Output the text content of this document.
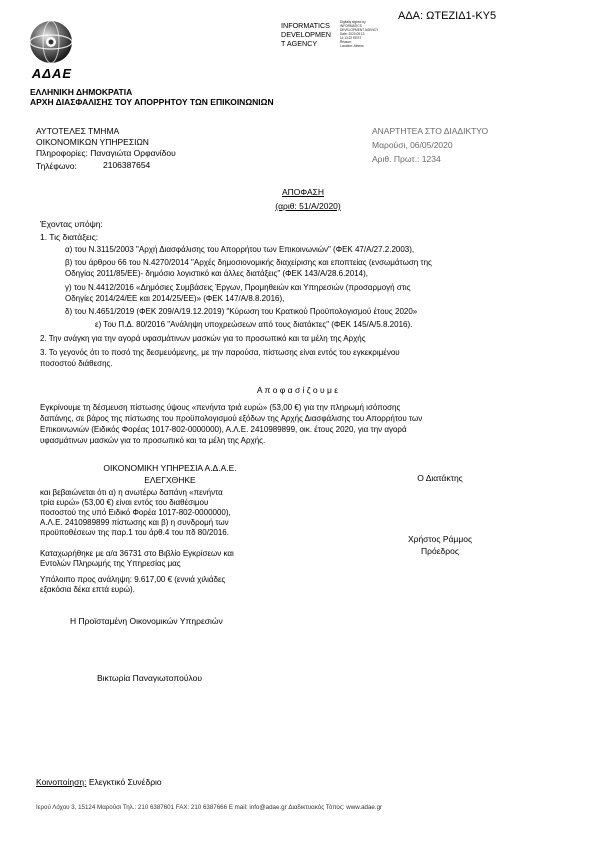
ΑΔΑ: ΩΤΕΖΙΔ1-ΚΥ5
ΑΔΑΕ
INFORMATICS
DEVELOPMEN
T AGENCY
Digitally signed by
INFORMATICS
DEVELOPMENT AGENCY
Date: 2020.05.13
11:13:22 EEST
Reason:
Location: Athens
ΕΛΛΗΝΙΚΗ ΔΗΜΟΚΡΑΤΙΑ
ΑΡΧΗ ΔΙΑΣΦΑΛΙΣΗΣ ΤΟΥ ΑΠΟΡΡΗΤΟΥ ΤΩΝ ΕΠΙΚΟΙΝΩΝΙΩΝ
ΑΥΤΟΤΕΛΕΣ ΤΜΗΜΑ
ΟΙΚΟΝΟΜΙΚΩΝ ΥΠΗΡΕΣΙΩΝ
Πληροφορίες: Παναγιώτα Ορφανίδου
Τηλέφωνο:	2106387654
ΑΝΑΡΤΗΤΕΑ ΣΤΟ ΔΙΑΔΙΚΤΥΟ
Μαρούσι, 06/05/2020
Αριθ. Πρωτ.: 1234
ΑΠΟΦΑΣΗ
(αριθ: 51/Α/2020)
Έχοντας υπόψη:
1. Τις διατάξεις:
α) του Ν.3115/2003 "Αρχή Διασφάλισης του Απορρήτου των Επικοινωνιών" (ΦΕΚ 47/Α/27.2.2003),
β) του άρθρου 66 του Ν.4270/2014 "Αρχές δημοσιονομικής διαχείρισης και εποπτείας (ενσωμάτωση της
Οδηγίας 2011/85/ΕΕ)- δημόσιο λογιστικό και άλλες διατάξεις" (ΦΕΚ 143/Α/28.6.2014),
γ) του Ν.4412/2016 «Δημόσιες Συμβάσεις Έργων, Προμηθειών και Υπηρεσιών (προσαρμογή στις
Οδηγίες 2014/24/ΕΕ και 2014/25/ΕΕ)» (ΦΕΚ 147/Α/8.8.2016),
δ) του Ν.4651/2019 (ΦΕΚ 209/Α/19.12.2019) "Κύρωση του Κρατικού Προϋπολογισμού έτους 2020»
ε) Του Π.Δ. 80/2016 "Ανάληψη υποχρεώσεων από τους διατάκτες" (ΦΕΚ 145/Α/5.8.2016).
2. Την ανάγκη για την αγορά υφασμάτινων μασκών για το προσωπικό και τα μέλη της Αρχής
3. Το γεγονός ότι το ποσό της δεσμευόμενης, με την παρούσα, πίστωσης είναι εντός του εγκεκριμένου
ποσοστού διάθεσης.
Α π ο φ α σ ί ζ ο υ μ ε
Εγκρίνουμε τη δέσμευση πίστωσης ύψους «πενήντα τριά ευρώ» (53,00 €) για την πληρωμή ισόποσης
δαπάνης, σε βάρος της πίστωσης του προϋπολογισμού εξόδων της Αρχής Διασφάλισης του Απορρήτου των
Επικοινωνιών (Ειδικός Φορέας 1017-802-0000000), Α.Λ.Ε. 2410989899, οικ. έτους 2020, για την αγορά
υφασμάτινων μασκών για το προσωπικό και τα μέλη της Αρχής.
ΟΙΚΟΝΟΜΙΚΗ ΥΠΗΡΕΣΙΑ Α.Δ.Α.Ε.
ΕΛΕΓΧΘΗΚΕ
και βεβαιώνεται ότι α) η ανωτέρω δαπάνη «πενήντα
τρία ευρώ» (53,00 €) είναι εντός του διαθέσιμου
ποσοστού της υπό Ειδικό Φορέα 1017-802-0000000),
Α.Λ.Ε. 2410989899 πίστωσης και β) η συνδρομή των
προϋποθέσεων της παρ.1 του άρθ.4 του πδ 80/2016.
Καταχωρήθηκε με α/α 36731 στο Βιβλίο Εγκρίσεων και
Εντολών Πληρωμής της Υπηρεσίας μας
Υπόλοιπο προς ανάληψη: 9.617,00 € (εννιά χιλιάδες
εξακόσια δέκα επτά ευρώ).
Ο Διατάκτης
Χρήστος Ράμμος
Πρόεδρος
Η Προϊσταμένη Οικονομικών Υπηρεσιών
Βικτωρία Παναγιωτοπούλου
Κοινοποίηση: Ελεγκτικό Συνέδριο
Ιερού Λόχου 3, 15124 Μαρούσι Τηλ.: 210 6387601 FAX: 210 6387666 E mail: info@adae.gr Διαδικτυακός Τόπος: www.adae.gr
